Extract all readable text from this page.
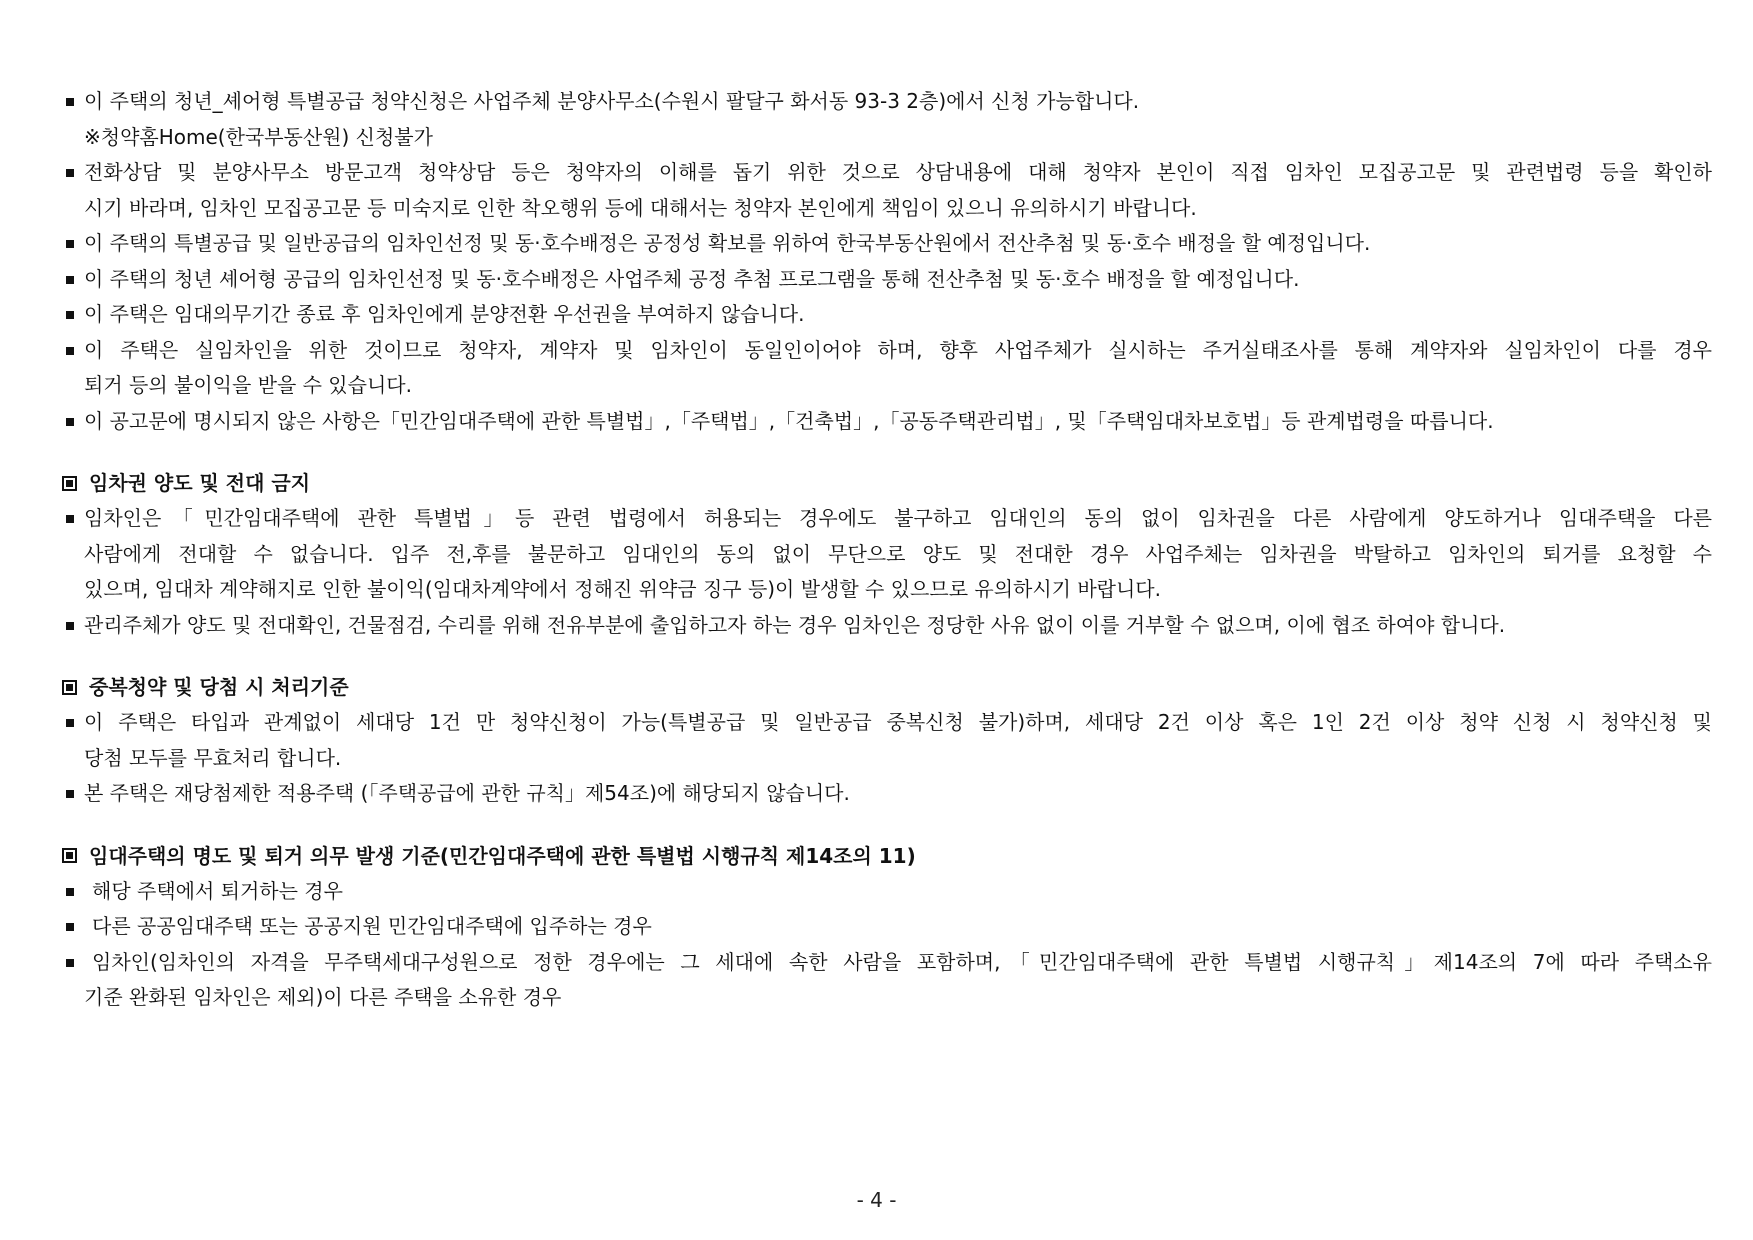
이 주택의 청년_셰어형 특별공급 청약신청은 사업주체 분양사무소(수원시 팔달구 화서동 93-3 2층)에서 신청 가능합니다.
※청약홈Home(한국부동산원) 신청불가
전화상담 및 분양사무소 방문고객 청약상담 등은 청약자의 이해를 돕기 위한 것으로 상담내용에 대해 청약자 본인이 직접 임차인 모집공고문 및 관련법령 등을 확인하
시기 바라며, 임차인 모집공고문 등 미숙지로 인한 착오행위 등에 대해서는 청약자 본인에게 책임이 있으니 유의하시기 바랍니다.
이 주택의 특별공급 및 일반공급의 임차인선정 및 동·호수배정은 공정성 확보를 위하여 한국부동산원에서 전산추첨 및 동·호수 배정을 할 예정입니다.
이 주택의 청년 셰어형 공급의 임차인선정 및 동·호수배정은 사업주체 공정 추첨 프로그램을 통해 전산추첨 및 동·호수 배정을 할 예정입니다.
이 주택은 임대의무기간 종료 후 임차인에게 분양전환 우선권을 부여하지 않습니다.
이 주택은 실임차인을 위한 것이므로 청약자, 계약자 및 임차인이 동일인이어야 하며, 향후 사업주체가 실시하는 주거실태조사를 통해 계약자와 실임차인이 다를 경우
퇴거 등의 불이익을 받을 수 있습니다.
이 공고문에 명시되지 않은 사항은「민간임대주택에 관한 특별법」,「주택법」,「건축법」,「공동주택관리법」, 및「주택임대차보호법」등 관계법령을 따릅니다.
임차권 양도 및 전대 금지
임차인은「민간임대주택에 관한 특별법」등 관련 법령에서 허용되는 경우에도 불구하고 임대인의 동의 없이 임차권을 다른 사람에게 양도하거나 임대주택을 다른
사람에게 전대할 수 없습니다. 입주 전,후를 불문하고 임대인의 동의 없이 무단으로 양도 및 전대한 경우 사업주체는 임차권을 박탈하고 임차인의 퇴거를 요청할 수
있으며, 임대차 계약해지로 인한 불이익(임대차계약에서 정해진 위약금 징구 등)이 발생할 수 있으므로 유의하시기 바랍니다.
관리주체가 양도 및 전대확인, 건물점검, 수리를 위해 전유부분에 출입하고자 하는 경우 임차인은 정당한 사유 없이 이를 거부할 수 없으며, 이에 협조 하여야 합니다.
중복청약 및 당첨 시 처리기준
이 주택은 타입과 관계없이 세대당 1건 만 청약신청이 가능(특별공급 및 일반공급 중복신청 불가)하며, 세대당 2건 이상 혹은 1인 2건 이상 청약 신청 시 청약신청 및
당첨 모두를 무효처리 합니다.
본 주택은 재당첨제한 적용주택 (「주택공급에 관한 규칙」제54조)에 해당되지 않습니다.
임대주택의 명도 및 퇴거 의무 발생 기준(민간임대주택에 관한 특별법 시행규칙 제14조의 11)
해당 주택에서 퇴거하는 경우
다른 공공임대주택 또는 공공지원 민간임대주택에 입주하는 경우
임차인(임차인의 자격을 무주택세대구성원으로 정한 경우에는 그 세대에 속한 사람을 포함하며,「민간임대주택에 관한 특별법 시행규칙」제14조의 7에 따라 주택소유
기준 완화된 임차인은 제외)이 다른 주택을 소유한 경우
- 4 -
